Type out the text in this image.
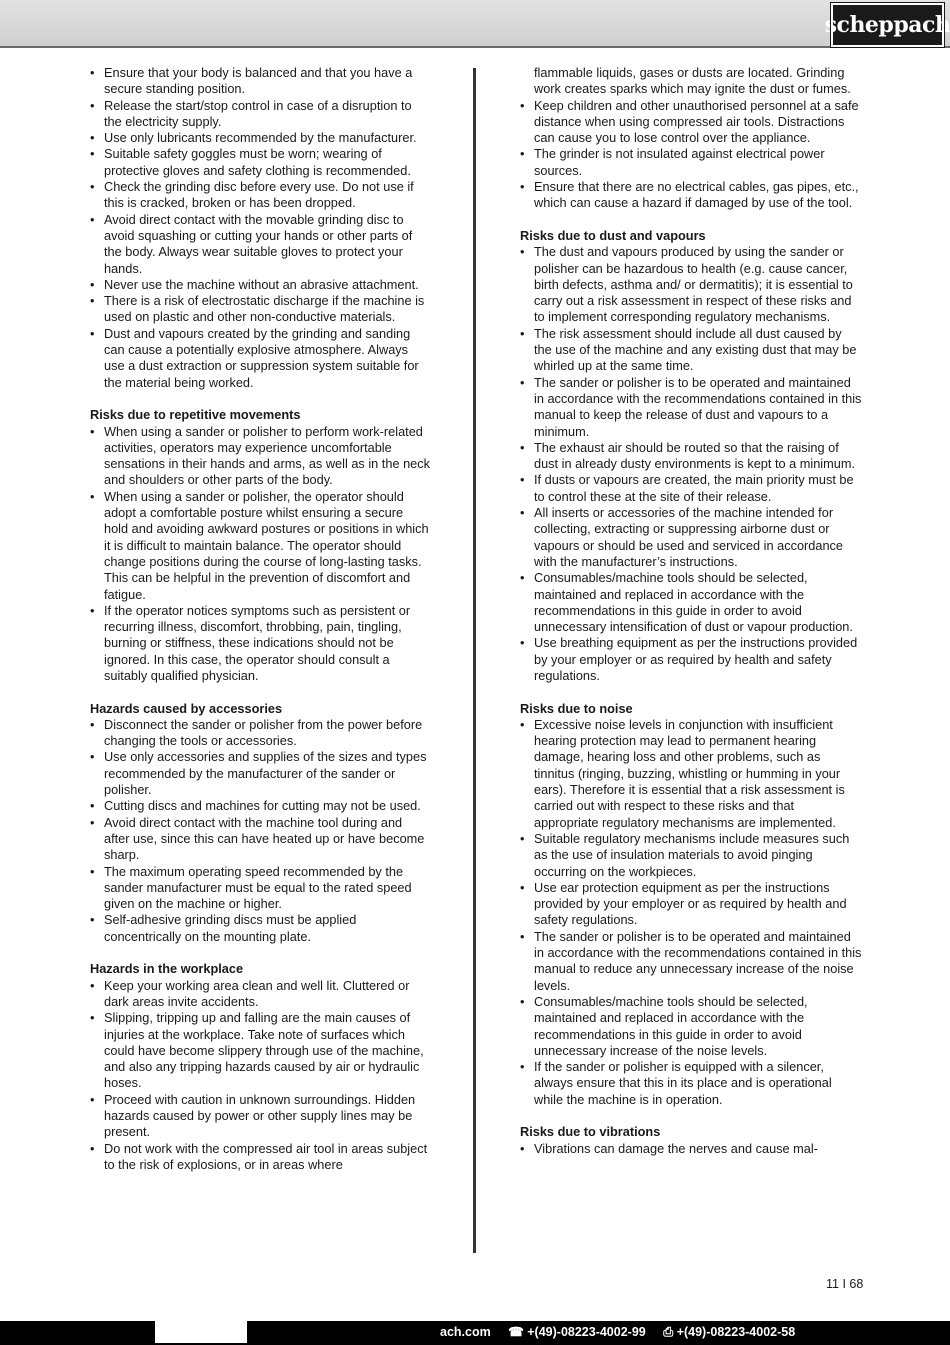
scheppach
• Ensure that your body is balanced and that you have a secure standing position.
• Release the start/stop control in case of a disruption to the electricity supply.
• Use only lubricants recommended by the manufacturer.
• Suitable safety goggles must be worn; wearing of protective gloves and safety clothing is recommended.
• Check the grinding disc before every use. Do not use if this is cracked, broken or has been dropped.
• Avoid direct contact with the movable grinding disc to avoid squashing or cutting your hands or other parts of the body. Always wear suitable gloves to protect your hands.
• Never use the machine without an abrasive attachment.
• There is a risk of electrostatic discharge if the machine is used on plastic and other non-conductive materials.
• Dust and vapours created by the grinding and sanding can cause a potentially explosive atmosphere. Always use a dust extraction or suppression system suitable for the material being worked.
Risks due to repetitive movements
• When using a sander or polisher to perform work-related activities, operators may experience uncomfortable sensations in their hands and arms, as well as in the neck and shoulders or other parts of the body.
• When using a sander or polisher, the operator should adopt a comfortable posture whilst ensuring a secure hold and avoiding awkward postures or positions in which it is difficult to maintain balance. The operator should change positions during the course of long-lasting tasks. This can be helpful in the prevention of discomfort and fatigue.
• If the operator notices symptoms such as persistent or recurring illness, discomfort, throbbing, pain, tingling, burning or stiffness, these indications should not be ignored. In this case, the operator should consult a suitably qualified physician.
Hazards caused by accessories
• Disconnect the sander or polisher from the power before changing the tools or accessories.
• Use only accessories and supplies of the sizes and types recommended by the manufacturer of the sander or polisher.
• Cutting discs and machines for cutting may not be used.
• Avoid direct contact with the machine tool during and after use, since this can have heated up or have become sharp.
• The maximum operating speed recommended by the sander manufacturer must be equal to the rated speed given on the machine or higher.
• Self-adhesive grinding discs must be applied concentrically on the mounting plate.
Hazards in the workplace
• Keep your working area clean and well lit. Cluttered or dark areas invite accidents.
• Slipping, tripping up and falling are the main causes of injuries at the workplace. Take note of surfaces which could have become slippery through use of the machine, and also any tripping hazards caused by air or hydraulic hoses.
• Proceed with caution in unknown surroundings. Hidden hazards caused by power or other supply lines may be present.
• Do not work with the compressed air tool in areas subject to the risk of explosions, or in areas where

flammable liquids, gases or dusts are located. Grinding work creates sparks which may ignite the dust or fumes.

• Keep children and other unauthorised personnel at a safe distance when using compressed air tools. Distractions can cause you to lose control over the appliance.
• The grinder is not insulated against electrical power sources.
• Ensure that there are no electrical cables, gas pipes, etc., which can cause a hazard if damaged by use of the tool.
Risks due to dust and vapours
• The dust and vapours produced by using the sander or polisher can be hazardous to health (e.g. cause cancer, birth defects, asthma and/ or dermatitis); it is essential to carry out a risk assessment in respect of these risks and to implement corresponding regulatory mechanisms.
• The risk assessment should include all dust caused by the use of the machine and any existing dust that may be whirled up at the same time.
• The sander or polisher is to be operated and maintained in accordance with the recommendations contained in this manual to keep the release of dust and vapours to a minimum.
• The exhaust air should be routed so that the raising of dust in already dusty environments is kept to a minimum.
• If dusts or vapours are created, the main priority must be to control these at the site of their release.
• All inserts or accessories of the machine intended for collecting, extracting or suppressing airborne dust or vapours or should be used and serviced in accordance with the manufacturer’s instructions.
• Consumables/machine tools should be selected, maintained and replaced in accordance with the recommendations in this guide in order to avoid unnecessary intensification of dust or vapour production.
• Use breathing equipment as per the instructions provided by your employer or as required by health and safety regulations.
Risks due to noise
• Excessive noise levels in conjunction with insufficient hearing protection may lead to permanent hearing damage, hearing loss and other problems, such as tinnitus (ringing, buzzing, whistling or humming in your ears). Therefore it is essential that a risk assessment is carried out with respect to these risks and that appropriate regulatory mechanisms are implemented.
• Suitable regulatory mechanisms include measures such as the use of insulation materials to avoid pinging occurring on the workpieces.
• Use ear protection equipment as per the instructions provided by your employer or as required by health and safety regulations.
• The sander or polisher is to be operated and maintained in accordance with the recommendations contained in this manual to reduce any unnecessary increase of the noise levels.
• Consumables/machine tools should be selected, maintained and replaced in accordance with the recommendations in this guide in order to avoid unnecessary increase of the noise levels.
• If the sander or polisher is equipped with a silencer, always ensure that this in its place and is operational while the machine is in operation.
Risks due to vibrations
• Vibrations can damage the nerves and cause mal-
11 I 68
ach.com ☎ +(49)-08223-4002-99 ⎙ +(49)-08223-4002-58
